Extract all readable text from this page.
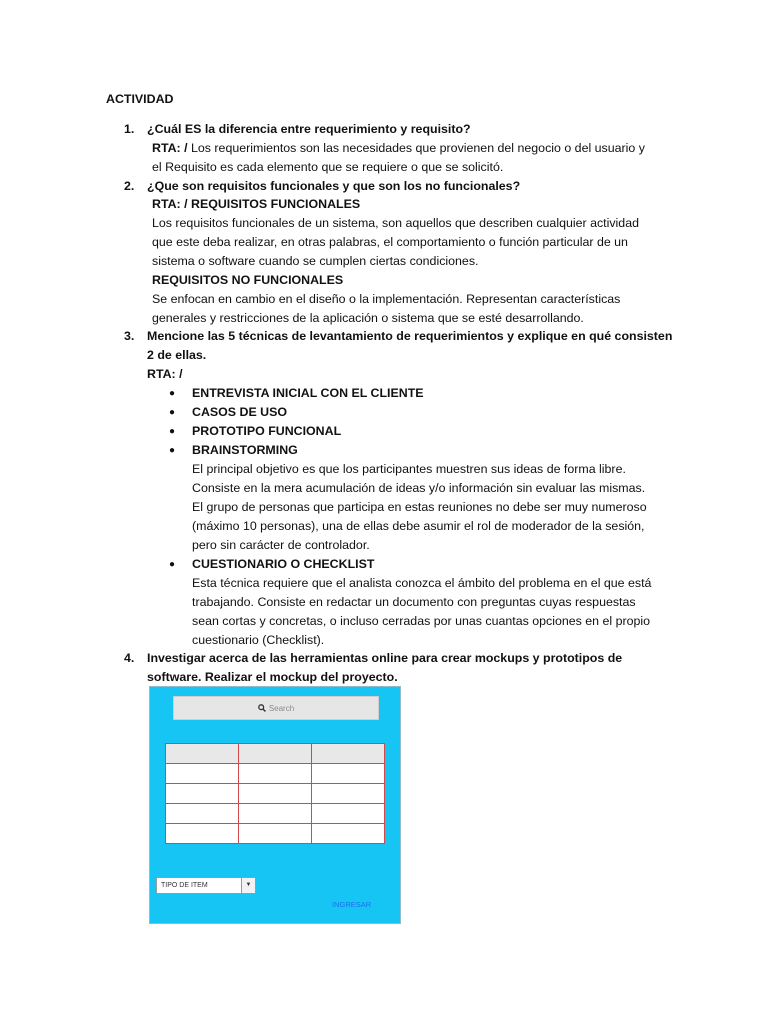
ACTIVIDAD
1. ¿Cuál ES la diferencia entre requerimiento y requisito?
RTA: / Los requerimientos son las necesidades que provienen del negocio o del usuario y
el Requisito es cada elemento que se requiere o que se solicitó.
2. ¿Que son requisitos funcionales y que son los no funcionales?
RTA: / REQUISITOS FUNCIONALES
Los requisitos funcionales de un sistema, son aquellos que describen cualquier actividad
que este deba realizar, en otras palabras, el comportamiento o función particular de un
sistema o software cuando se cumplen ciertas condiciones.
REQUISITOS NO FUNCIONALES
Se enfocan en cambio en el diseño o la implementación. Representan características
generales y restricciones de la aplicación o sistema que se esté desarrollando.
3. Mencione las 5 técnicas de levantamiento de requerimientos y explique en qué consisten
2 de ellas.
RTA: /
● ENTREVISTA INICIAL CON EL CLIENTE
● CASOS DE USO
● PROTOTIPO FUNCIONAL
● BRAINSTORMING
El principal objetivo es que los participantes muestren sus ideas de forma libre.
Consiste en la mera acumulación de ideas y/o información sin evaluar las mismas.
El grupo de personas que participa en estas reuniones no debe ser muy numeroso
(máximo 10 personas), una de ellas debe asumir el rol de moderador de la sesión,
pero sin carácter de controlador.
● CUESTIONARIO O CHECKLIST
Esta técnica requiere que el analista conozca el ámbito del problema en el que está
trabajando. Consiste en redactar un documento con preguntas cuyas respuestas
sean cortas y concretas, o incluso cerradas por unas cuantas opciones en el propio
cuestionario (Checklist).
4. Investigar acerca de las herramientas online para crear mockups y prototipos de
software. Realizar el mockup del proyecto.
Search

TIPO DE ITEM	▼
INGRESAR
